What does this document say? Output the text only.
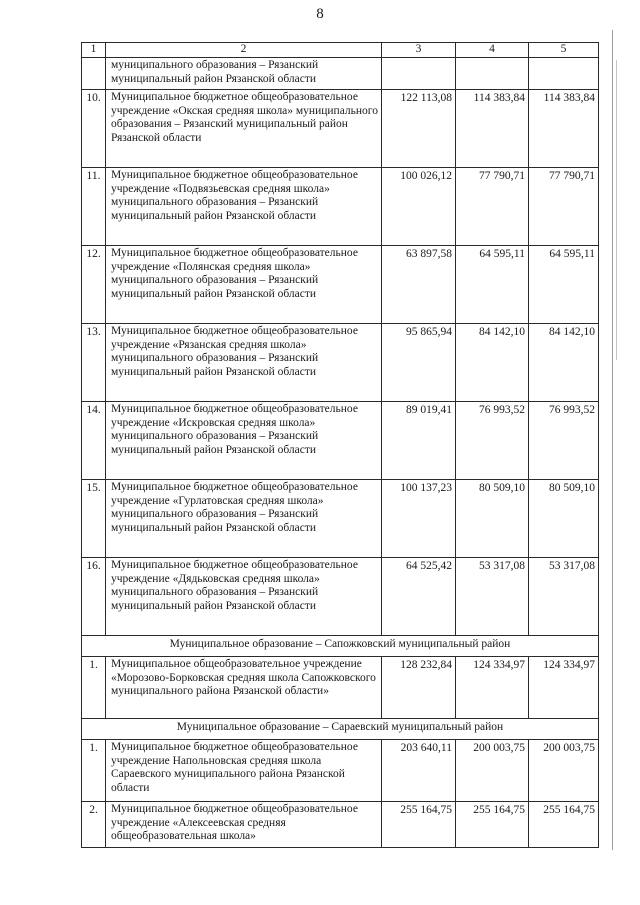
8
1	2	3	4	5
	муниципального образования – Рязанский муниципальный район Рязанской области			
10.	Муниципальное бюджетное общеобразовательное учреждение «Окская средняя школа» муниципального образования – Рязанский муниципальный район Рязанской области	122 113,08	114 383,84	114 383,84
11.	Муниципальное бюджетное общеобразовательное учреждение «Подвязьевская средняя школа» муниципального образования – Рязанский муниципальный район Рязанской области	100 026,12	77 790,71	77 790,71
12.	Муниципальное бюджетное общеобразовательное учреждение «Полянская средняя школа» муниципального образования – Рязанский муниципальный район Рязанской области	63 897,58	64 595,11	64 595,11
13.	Муниципальное бюджетное общеобразовательное учреждение «Рязанская средняя школа» муниципального образования – Рязанский муниципальный район Рязанской области	95 865,94	84 142,10	84 142,10
14.	Муниципальное бюджетное общеобразовательное учреждение «Искровская средняя школа» муниципального образования – Рязанский муниципальный район Рязанской области	89 019,41	76 993,52	76 993,52
15.	Муниципальное бюджетное общеобразовательное учреждение «Гурлатовская средняя школа» муниципального образования – Рязанский муниципальный район Рязанской области	100 137,23	80 509,10	80 509,10
16.	Муниципальное бюджетное общеобразовательное учреждение «Дядьковская средняя школа» муниципального образования – Рязанский муниципальный район Рязанской области	64 525,42	53 317,08	53 317,08
Муниципальное образование – Сапожковский муниципальный район				
1.	Муниципальное общеобразовательное учреждение «Морозово-Борковская средняя школа Сапожковского муниципального района Рязанской области»	128 232,84	124 334,97	124 334,97
Муниципальное образование – Сараевский муниципальный район				
1.	Муниципальное бюджетное общеобразовательное учреждение Напольновская средняя школа Сараевского муниципального района Рязанской области	203 640,11	200 003,75	200 003,75
2.	Муниципальное бюджетное общеобразовательное учреждение «Алексеевская средняя общеобразовательная школа»	255 164,75	255 164,75	255 164,75
